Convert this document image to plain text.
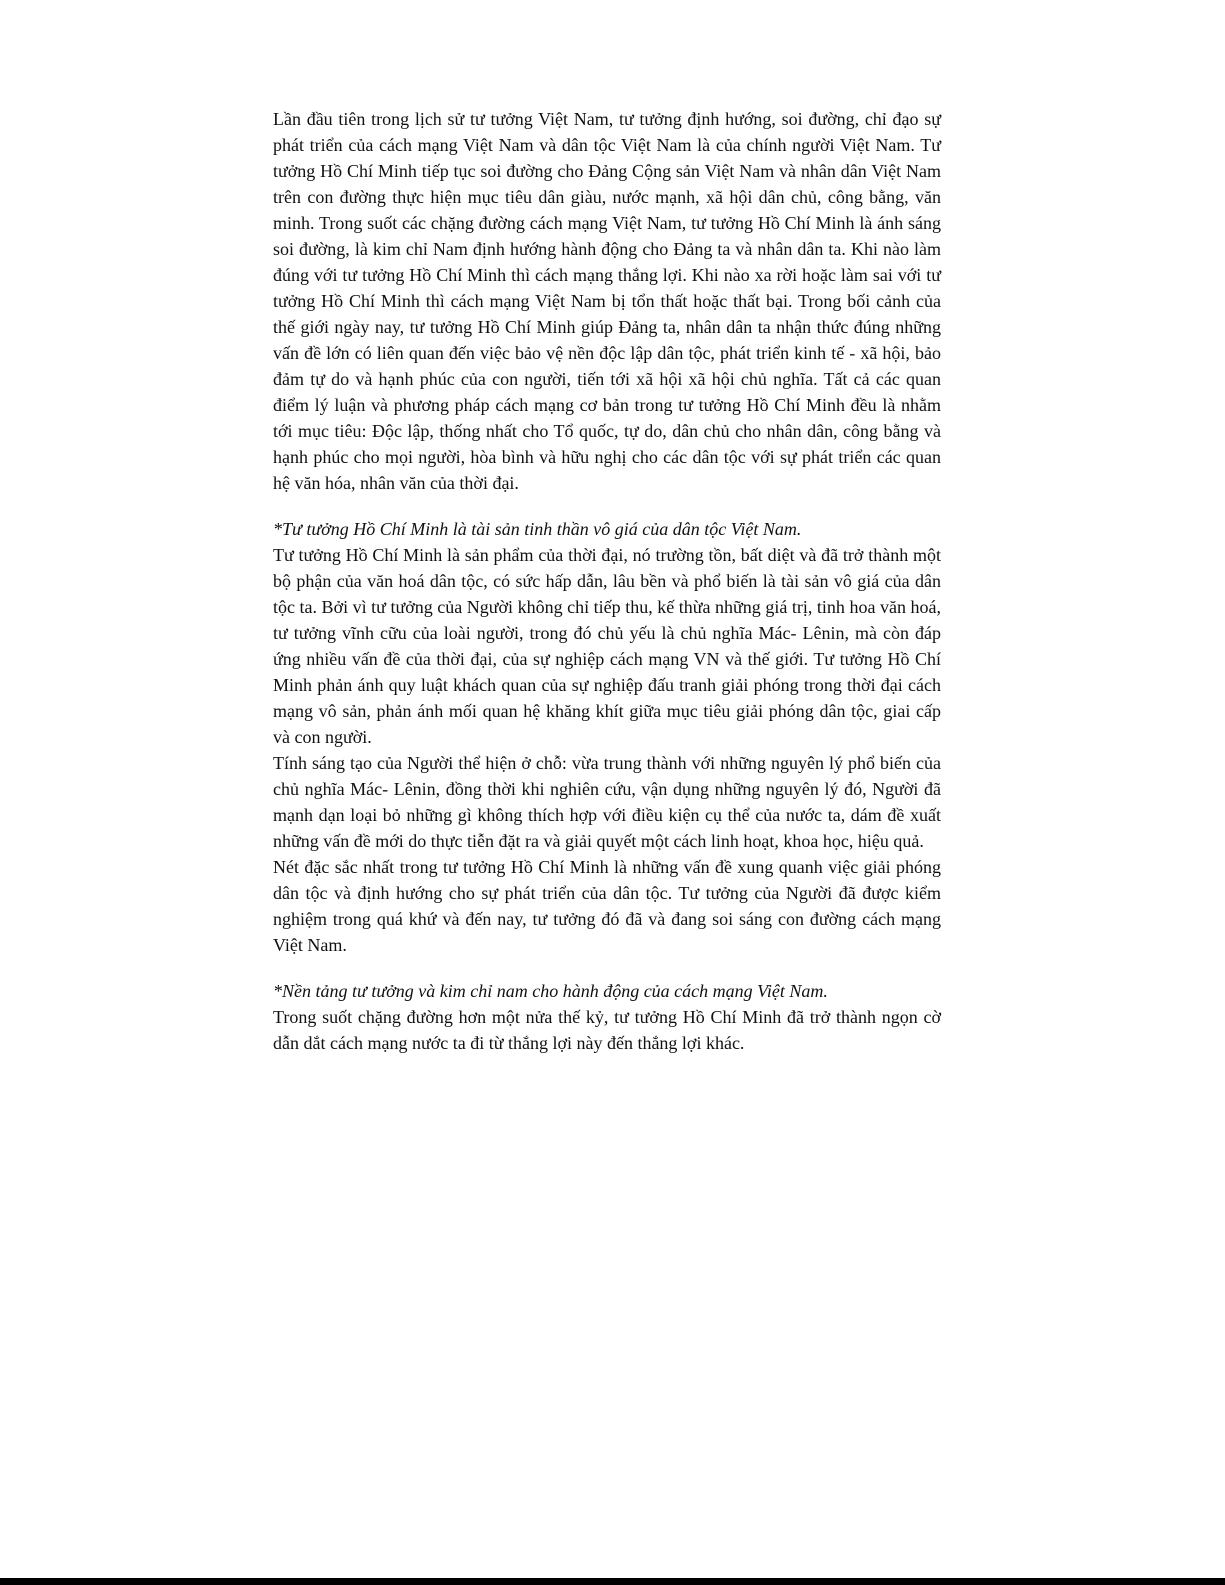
Lần đầu tiên trong lịch sử tư tưởng Việt Nam, tư tưởng định hướng, soi đường, chỉ đạo sự phát triển của cách mạng Việt Nam và dân tộc Việt Nam là của chính người Việt Nam. Tư tưởng Hồ Chí Minh tiếp tục soi đường cho Đảng Cộng sản Việt Nam và nhân dân Việt Nam trên con đường thực hiện mục tiêu dân giàu, nước mạnh, xã hội dân chủ, công bằng, văn minh. Trong suốt các chặng đường cách mạng Việt Nam, tư tưởng Hồ Chí Minh là ánh sáng soi đường, là kim chỉ Nam định hướng hành động cho Đảng ta và nhân dân ta. Khi nào làm đúng với tư tưởng Hồ Chí Minh thì cách mạng thắng lợi. Khi nào xa rời hoặc làm sai với tư tưởng Hồ Chí Minh thì cách mạng Việt Nam bị tổn thất hoặc thất bại. Trong bối cảnh của thế giới ngày nay, tư tưởng Hồ Chí Minh giúp Đảng ta, nhân dân ta nhận thức đúng những vấn đề lớn có liên quan đến việc bảo vệ nền độc lập dân tộc, phát triển kinh tế - xã hội, bảo đảm tự do và hạnh phúc của con người, tiến tới xã hội xã hội chủ nghĩa. Tất cả các quan điểm lý luận và phương pháp cách mạng cơ bản trong tư tưởng Hồ Chí Minh đều là nhằm tới mục tiêu: Độc lập, thống nhất cho Tổ quốc, tự do, dân chủ cho nhân dân, công bằng và hạnh phúc cho mọi người, hòa bình và hữu nghị cho các dân tộc với sự phát triển các quan hệ văn hóa, nhân văn của thời đại.

*Tư tưởng Hồ Chí Minh là tài sản tinh thần vô giá của dân tộc Việt Nam.

Tư tưởng Hồ Chí Minh là sản phẩm của thời đại, nó trường tồn, bất diệt và đã trở thành một bộ phận của văn hoá dân tộc, có sức hấp dẫn, lâu bền và phổ biến là tài sản vô giá của dân tộc ta. Bởi vì tư tưởng của Người không chỉ tiếp thu, kế thừa những giá trị, tinh hoa văn hoá, tư tưởng vĩnh cữu của loài người, trong đó chủ yếu là chủ nghĩa Mác- Lênin, mà còn đáp ứng nhiều vấn đề của thời đại, của sự nghiệp cách mạng VN và thế giới. Tư tưởng Hồ Chí Minh phản ánh quy luật khách quan của sự nghiệp đấu tranh giải phóng trong thời đại cách mạng vô sản, phản ánh mối quan hệ khăng khít giữa mục tiêu giải phóng dân tộc, giai cấp và con người.

Tính sáng tạo của Người thể hiện ở chỗ: vừa trung thành với những nguyên lý phổ biến của chủ nghĩa Mác- Lênin, đồng thời khi nghiên cứu, vận dụng những nguyên lý đó, Người đã mạnh dạn loại bỏ những gì không thích hợp với điều kiện cụ thể của nước ta, dám đề xuất những vấn đề mới do thực tiễn đặt ra và giải quyết một cách linh hoạt, khoa học, hiệu quả.

Nét đặc sắc nhất trong tư tưởng Hồ Chí Minh là những vấn đề xung quanh việc giải phóng dân tộc và định hướng cho sự phát triển của dân tộc. Tư tưởng của Người đã được kiểm nghiệm trong quá khứ và đến nay, tư tưởng đó đã và đang soi sáng con đường cách mạng Việt Nam.

*Nền tảng tư tưởng và kim chỉ nam cho hành động của cách mạng Việt Nam.

Trong suốt chặng đường hơn một nửa thế kỷ, tư tưởng Hồ Chí Minh đã trở thành ngọn cờ dẫn dắt cách mạng nước ta đi từ thắng lợi này đến thắng lợi khác.
